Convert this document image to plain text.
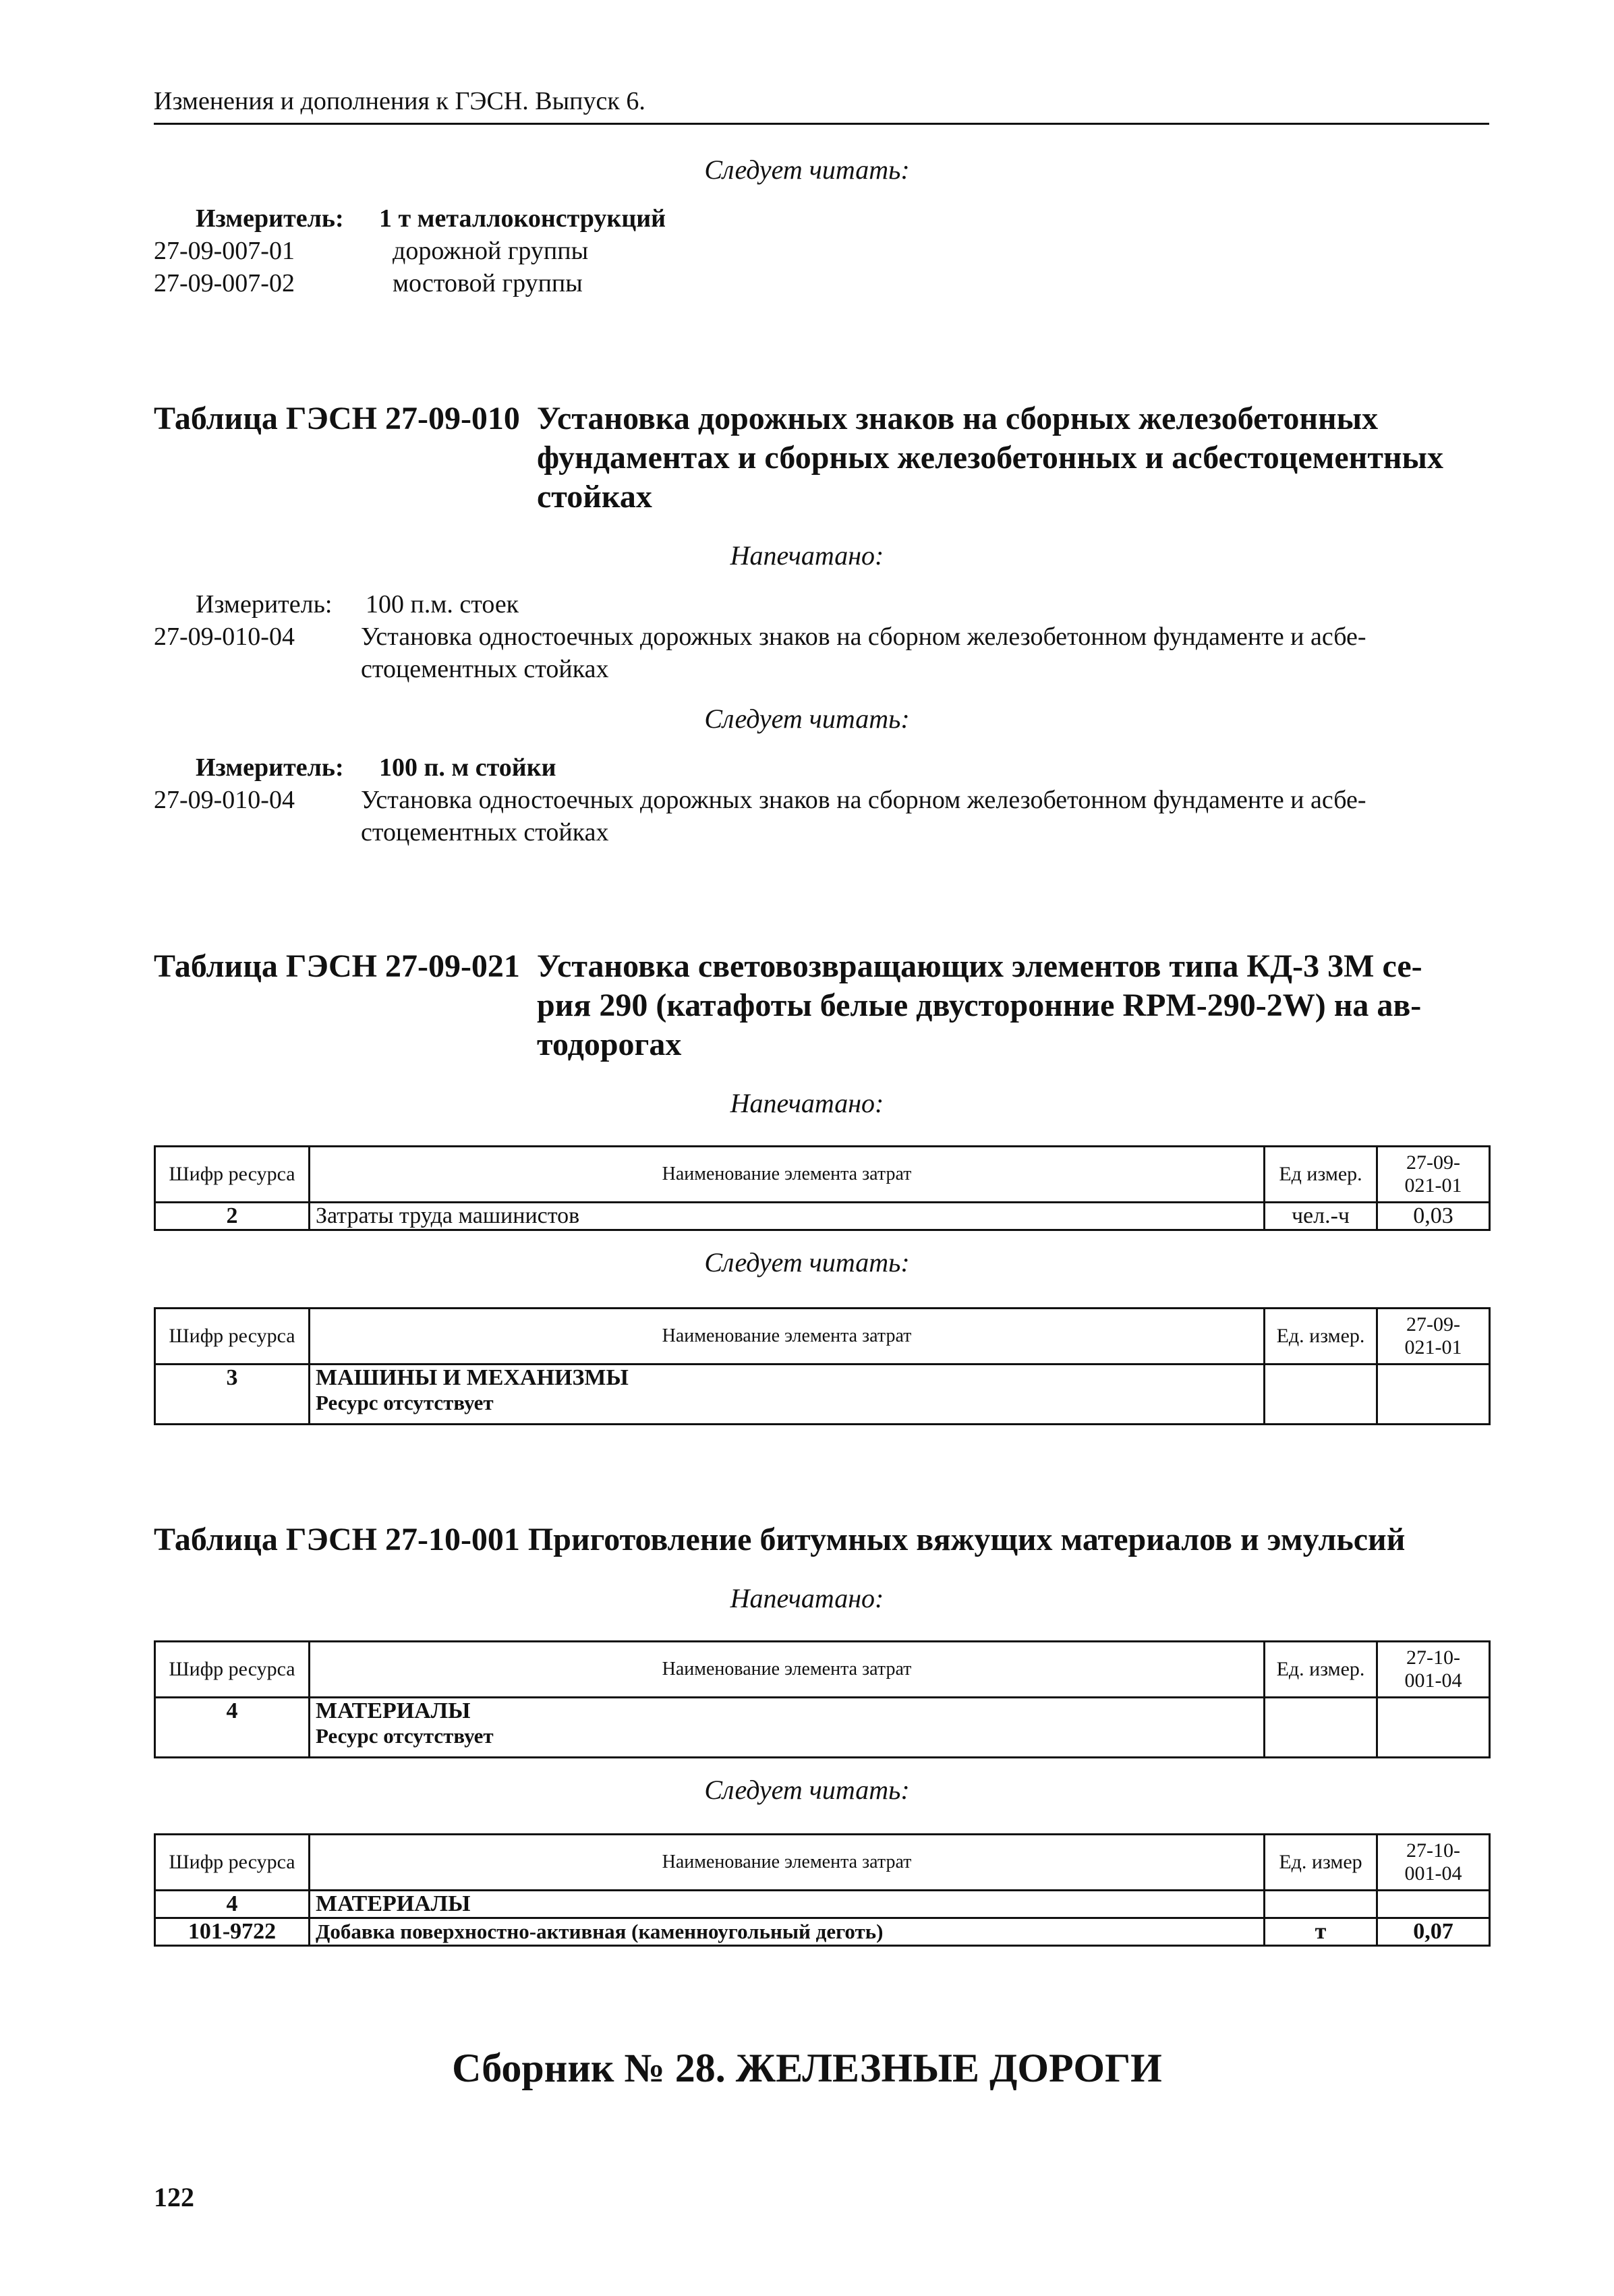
Изменения и дополнения к ГЭСН. Выпуск 6.
Следует читать:
Измеритель: 1 т металлоконструкций
27-09-007-01	дорожной группы
27-09-007-02	мостовой группы
Таблица ГЭСН 27-09-010 Установка дорожных знаков на сборных железобетонных
фундаментах и сборных железобетонных и асбестоцементных
стойках
Напечатано:
Измеритель: 100 п.м. стоек
27-09-010-04	Установка одностоечных дорожных знаков на сборном железобетонном фундаменте и асбе-
стоцементных стойках
Следует читать:
Измеритель: 100 п. м стойки
27-09-010-04	Установка одностоечных дорожных знаков на сборном железобетонном фундаменте и асбе-
стоцементных стойках
Таблица ГЭСН 27-09-021 Установка световозвращающих элементов типа КД-3 3М се-
рия 290 (катафоты белые двусторонние RPM-290-2W) на ав-
тодорогах
Напечатано:
Шифр ресурса	Наименование элемента затрат	Ед измер.	27-09-
021-01

2	Затраты труда машинистов	чел.-ч	0,03
Следует читать:
Шифр ресурса	Наименование элемента затрат	Ед. измер.	27-09-
021-01

3	МАШИНЫ И МЕХАНИЗМЫ
Ресурс отсутствует		

Таблица ГЭСН 27-10-001 Приготовление битумных вяжущих материалов и эмульсий
Напечатано:
Шифр ресурса	Наименование элемента затрат	Ед. измер.	27-10-
001-04

4	МАТЕРИАЛЫ
Ресурс отсутствует		

Следует читать:
Шифр ресурса	Наименование элемента затрат	Ед. измер	27-10-
001-04

4	МАТЕРИАЛЫ		
101-9722	Добавка поверхностно-активная (каменноугольный деготь)	т	0,07
Сборник № 28. ЖЕЛЕЗНЫЕ ДОРОГИ
122
